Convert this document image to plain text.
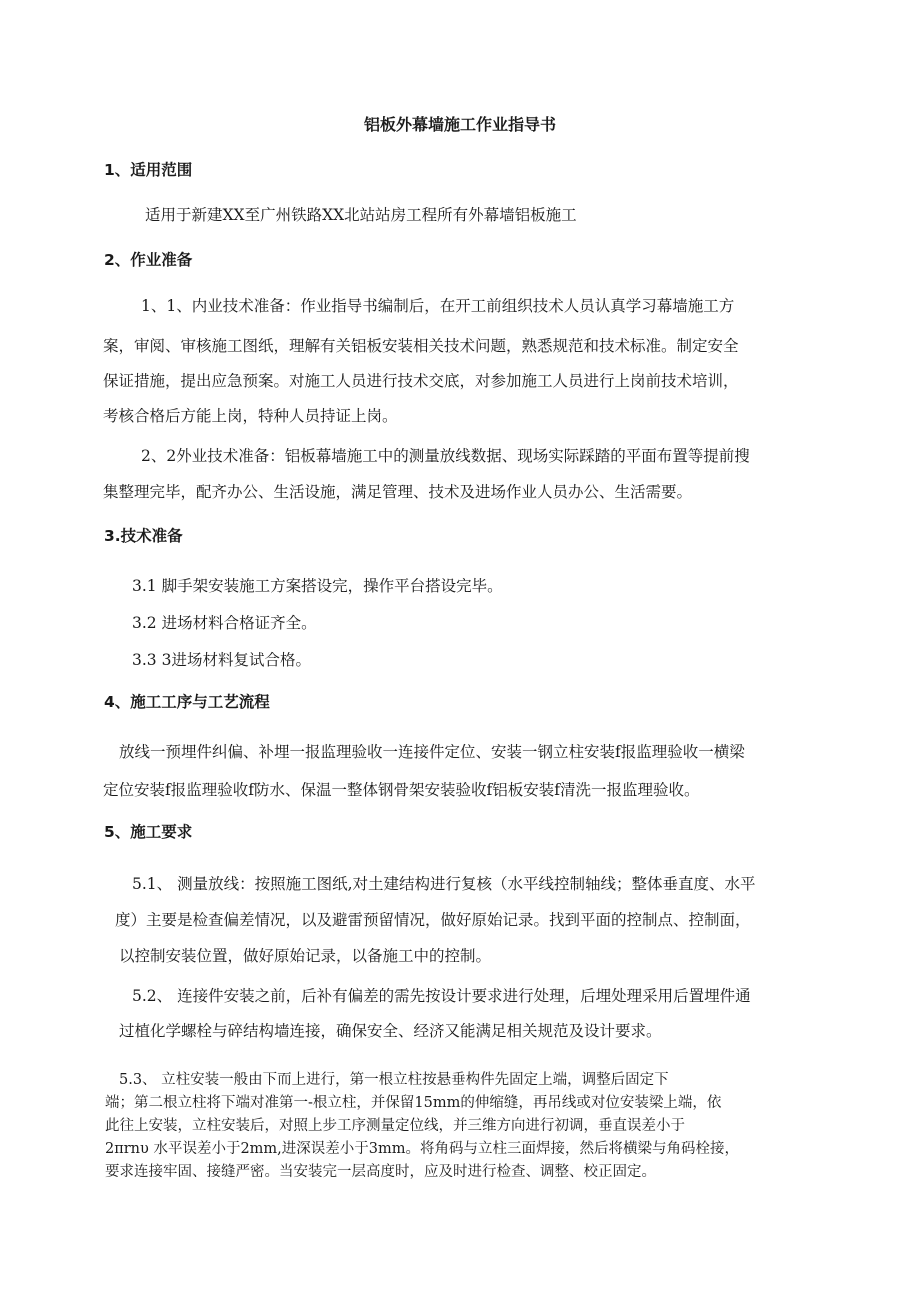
铝板外幕墙施工作业指导书
1、适用范围
适用于新建XX至广州铁路XX北站站房工程所有外幕墙铝板施工
2、作业准备
1、1、内业技术准备：作业指导书编制后，在开工前组织技术人员认真学习幕墙施工方
案，审阅、审核施工图纸，理解有关铝板安装相关技术问题，熟悉规范和技术标准。制定安全
保证措施，提出应急预案。对施工人员进行技术交底，对参加施工人员进行上岗前技术培训，
考核合格后方能上岗，特种人员持证上岗。
2、2外业技术准备：铝板幕墙施工中的测量放线数据、现场实际踩踏的平面布置等提前搜
集整理完毕，配齐办公、生活设施，满足管理、技术及进场作业人员办公、生活需要。
3.技术准备
3.1 脚手架安装施工方案搭设完，操作平台搭设完毕。
3.2 进场材料合格证齐全。
3.3 3进场材料复试合格。
4、施工工序与工艺流程
放线一预埋件纠偏、补埋一报监理验收一连接件定位、安装一钢立柱安装f报监理验收一横梁
定位安装f报监理验收f防水、保温一整体钢骨架安装验收f铝板安装f清洗一报监理验收。
5、施工要求
5.1、 测量放线：按照施工图纸,对土建结构进行复核（水平线控制轴线；整体垂直度、水平
度）主要是检查偏差情况，以及避雷预留情况，做好原始记录。找到平面的控制点、控制面，
以控制安装位置，做好原始记录，以备施工中的控制。
5.2、 连接件安装之前，后补有偏差的需先按设计要求进行处理，后埋处理采用后置埋件通
过植化学螺栓与碎结构墙连接，确保安全、经济又能满足相关规范及设计要求。
5.3、 立柱安装一般由下而上进行，第一根立柱按悬垂构件先固定上端，调整后固定下
端；第二根立柱将下端对准第一-根立柱，并保留15mm的伸缩缝，再吊线或对位安装梁上端，依
此往上安装，立柱安装后，对照上步工序测量定位线，并三维方向进行初调，垂直误差小于
2πrnυ 水平误差小于2mm,进深误差小于3mm。将角码与立柱三面焊接，然后将横梁与角码栓接，
要求连接牢固、接缝严密。当安装完一层高度时，应及时进行检查、调整、校正固定。
